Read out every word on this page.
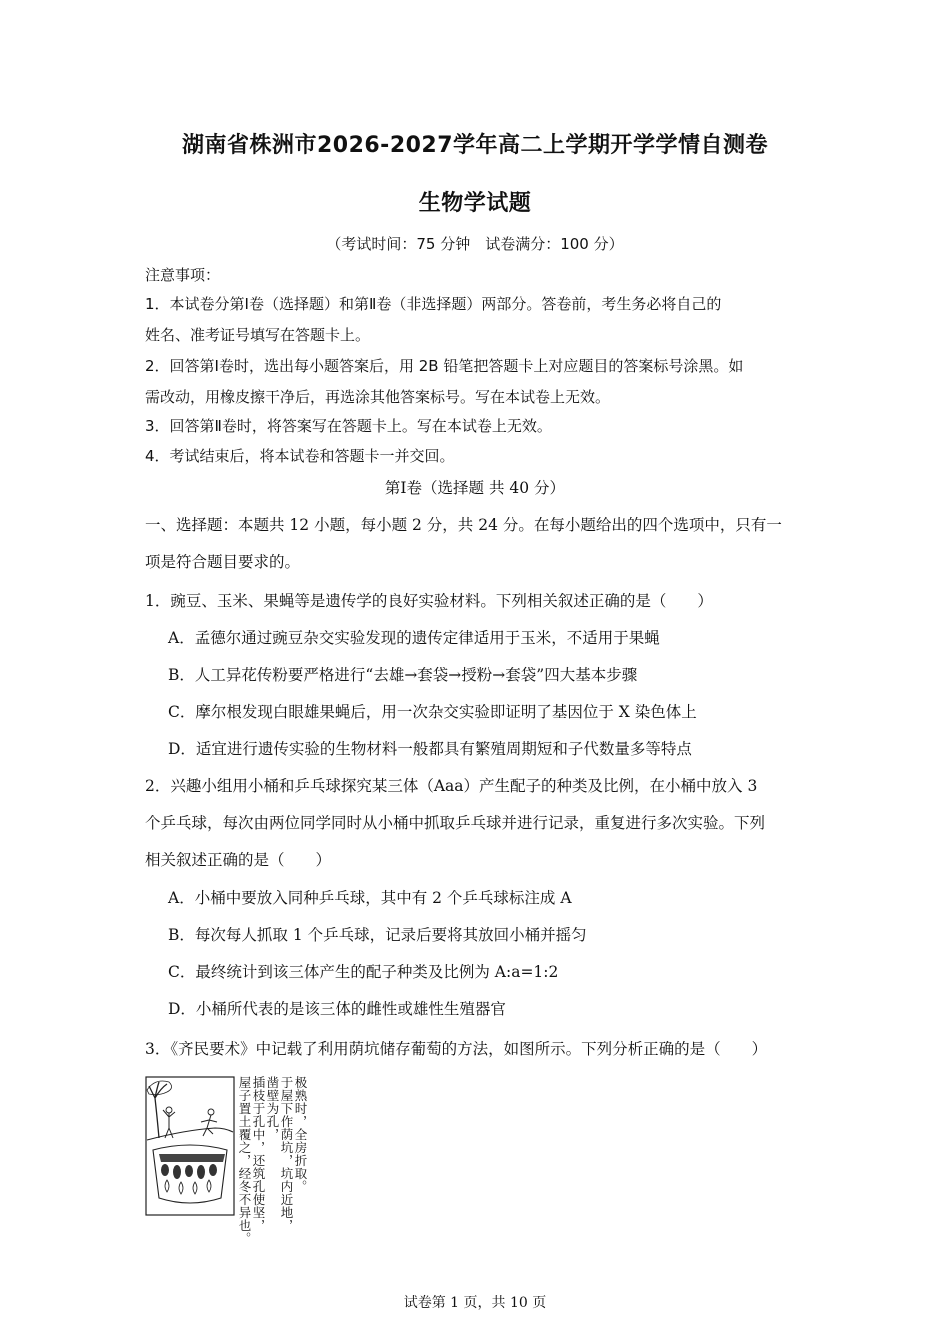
湖南省株洲市2026-2027学年高二上学期开学学情自测卷
生物学试题
（考试时间：75 分钟　试卷满分：100 分）
注意事项：
1．本试卷分第Ⅰ卷（选择题）和第Ⅱ卷（非选择题）两部分。答卷前，考生务必将自己的
姓名、准考证号填写在答题卡上。
2．回答第Ⅰ卷时，选出每小题答案后，用 2B 铅笔把答题卡上对应题目的答案标号涂黑。如
需改动，用橡皮擦干净后，再选涂其他答案标号。写在本试卷上无效。
3．回答第Ⅱ卷时，将答案写在答题卡上。写在本试卷上无效。
4．考试结束后，将本试卷和答题卡一并交回。
第Ⅰ卷（选择题 共 40 分）
一、选择题：本题共 12 小题，每小题 2 分，共 24 分。在每小题给出的四个选项中，只有一
项是符合题目要求的。
1．豌豆、玉米、果蝇等是遗传学的良好实验材料。下列相关叙述正确的是（　　）
A．孟德尔通过豌豆杂交实验发现的遗传定律适用于玉米，不适用于果蝇
B．人工异花传粉要严格进行“去雄→套袋→授粉→套袋”四大基本步骤
C．摩尔根发现白眼雄果蝇后，用一次杂交实验即证明了基因位于 X 染色体上
D．适宜进行遗传实验的生物材料一般都具有繁殖周期短和子代数量多等特点
2．兴趣小组用小桶和乒乓球探究某三体（Aaa）产生配子的种类及比例，在小桶中放入 3
个乒乓球，每次由两位同学同时从小桶中抓取乒乓球并进行记录，重复进行多次实验。下列
相关叙述正确的是（　　）
A．小桶中要放入同种乒乓球，其中有 2 个乒乓球标注成 A
B．每次每人抓取 1 个乒乓球，记录后要将其放回小桶并摇匀
C．最终统计到该三体产生的配子种类及比例为 A:a=1:2
D．小桶所代表的是该三体的雌性或雄性生殖器官
3．《齐民要术》中记载了利用荫坑储存葡萄的方法，如图所示。下列分析正确的是（　　）
极熟时，全房折取。
于屋下作荫坑，坑内近地，
凿壁为孔，
插枝于孔中，还筑孔使坚，
屋子置土覆之，经冬不异也。
试卷第 1 页，共 10 页
